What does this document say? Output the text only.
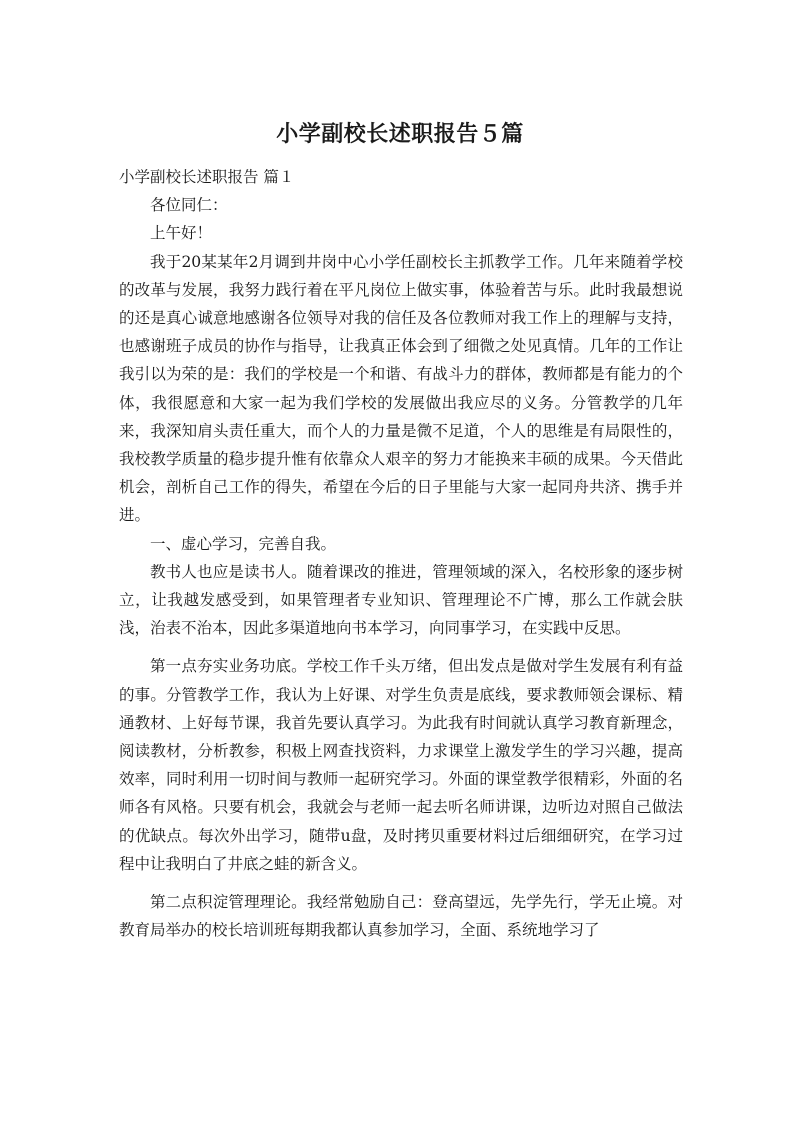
小学副校长述职报告５篇

小学副校长述职报告 篇１

各位同仁：

上午好！

我于20某某年2月调到井岗中心小学任副校长主抓教学工作。几年来随着学校的改革与发展，我努力践行着在平凡岗位上做实事，体验着苦与乐。此时我最想说的还是真心诚意地感谢各位领导对我的信任及各位教师对我工作上的理解与支持，也感谢班子成员的协作与指导，让我真正体会到了细微之处见真情。几年的工作让我引以为荣的是：我们的学校是一个和谐、有战斗力的群体，教师都是有能力的个体，我很愿意和大家一起为我们学校的发展做出我应尽的义务。分管教学的几年来，我深知肩头责任重大，而个人的力量是微不足道，个人的思维是有局限性的，我校教学质量的稳步提升惟有依靠众人艰辛的努力才能换来丰硕的成果。今天借此机会，剖析自己工作的得失，希望在今后的日子里能与大家一起同舟共济、携手并进。

一、虚心学习，完善自我。

教书人也应是读书人。随着课改的推进，管理领域的深入，名校形象的逐步树立，让我越发感受到，如果管理者专业知识、管理理论不广博，那么工作就会肤浅，治表不治本，因此多渠道地向书本学习，向同事学习，在实践中反思。

第一点夯实业务功底。学校工作千头万绪，但出发点是做对学生发展有利有益的事。分管教学工作，我认为上好课、对学生负责是底线，要求教师领会课标、精通教材、上好每节课，我首先要认真学习。为此我有时间就认真学习教育新理念，阅读教材，分析教参，积极上网查找资料，力求课堂上激发学生的学习兴趣，提高效率，同时利用一切时间与教师一起研究学习。外面的课堂教学很精彩，外面的名师各有风格。只要有机会，我就会与老师一起去听名师讲课，边听边对照自己做法的优缺点。每次外出学习，随带u盘，及时拷贝重要材料过后细细研究，在学习过程中让我明白了井底之蛙的新含义。

第二点积淀管理理论。我经常勉励自己：登高望远，先学先行，学无止境。对教育局举办的校长培训班每期我都认真参加学习，全面、系统地学习了
